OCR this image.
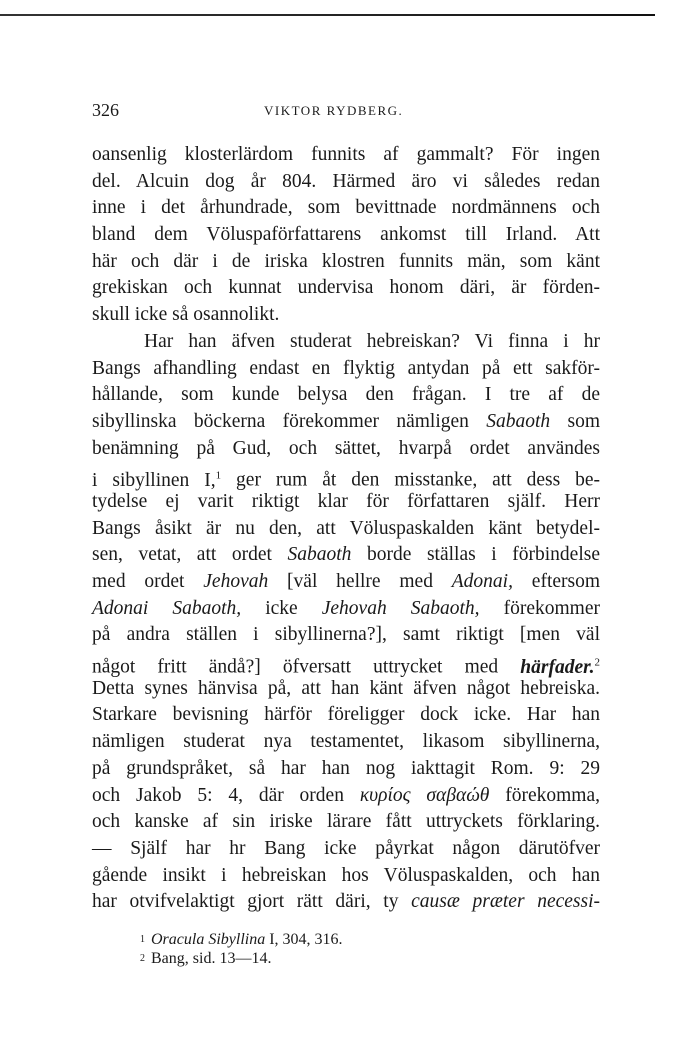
326	VIKTOR RYDBERG.
oansenlig klosterlärdom funnits af gammalt? För ingen
del. Alcuin dog år 804. Härmed äro vi således redan
inne i det århundrade, som bevittnade nordmännens och
bland dem Völuspaförfattarens ankomst till Irland. Att
här och där i de iriska klostren funnits män, som känt
grekiskan och kunnat undervisa honom däri, är förden-
skull icke så osannolikt.
Har han äfven studerat hebreiskan? Vi finna i hr
Bangs afhandling endast en flyktig antydan på ett sakför-
hållande, som kunde belysa den frågan. I tre af de
sibyllinska böckerna förekommer nämligen Sabaoth som
benämning på Gud, och sättet, hvarpå ordet användes
i sibyllinen I,$^1$ ger rum åt den misstanke, att dess be-
tydelse ej varit riktigt klar för författaren själf. Herr
Bangs åsikt är nu den, att Völuspaskalden känt betydel-
sen, vetat, att ordet Sabaoth borde ställas i förbindelse
med ordet Jehovah [väl hellre med Adonai, eftersom
Adonai Sabaoth, icke Jehovah Sabaoth, förekommer
på andra ställen i sibyllinerna?], samt riktigt [men väl
något fritt ändå?] öfversatt uttrycket med härfader.$^2$
Detta synes hänvisa på, att han känt äfven något hebreiska.
Starkare bevisning härför föreligger dock icke. Har han
nämligen studerat nya testamentet, likasom sibyllinerna,
på grundspråket, så har han nog iakttagit Rom. 9: 29
och Jakob 5: 4, där orden κυρίος σαβαώθ förekomma,
och kanske af sin iriske lärare fått uttryckets förklaring.
— Själf har hr Bang icke påyrkat någon därutöfver
gående insikt i hebreiskan hos Völuspaskalden, och han
har otvifvelaktigt gjort rätt däri, ty causæ præter necessi-
$^1$ Oracula Sibyllina I, 304, 316.
$^2$ Bang, sid. 13—14.
